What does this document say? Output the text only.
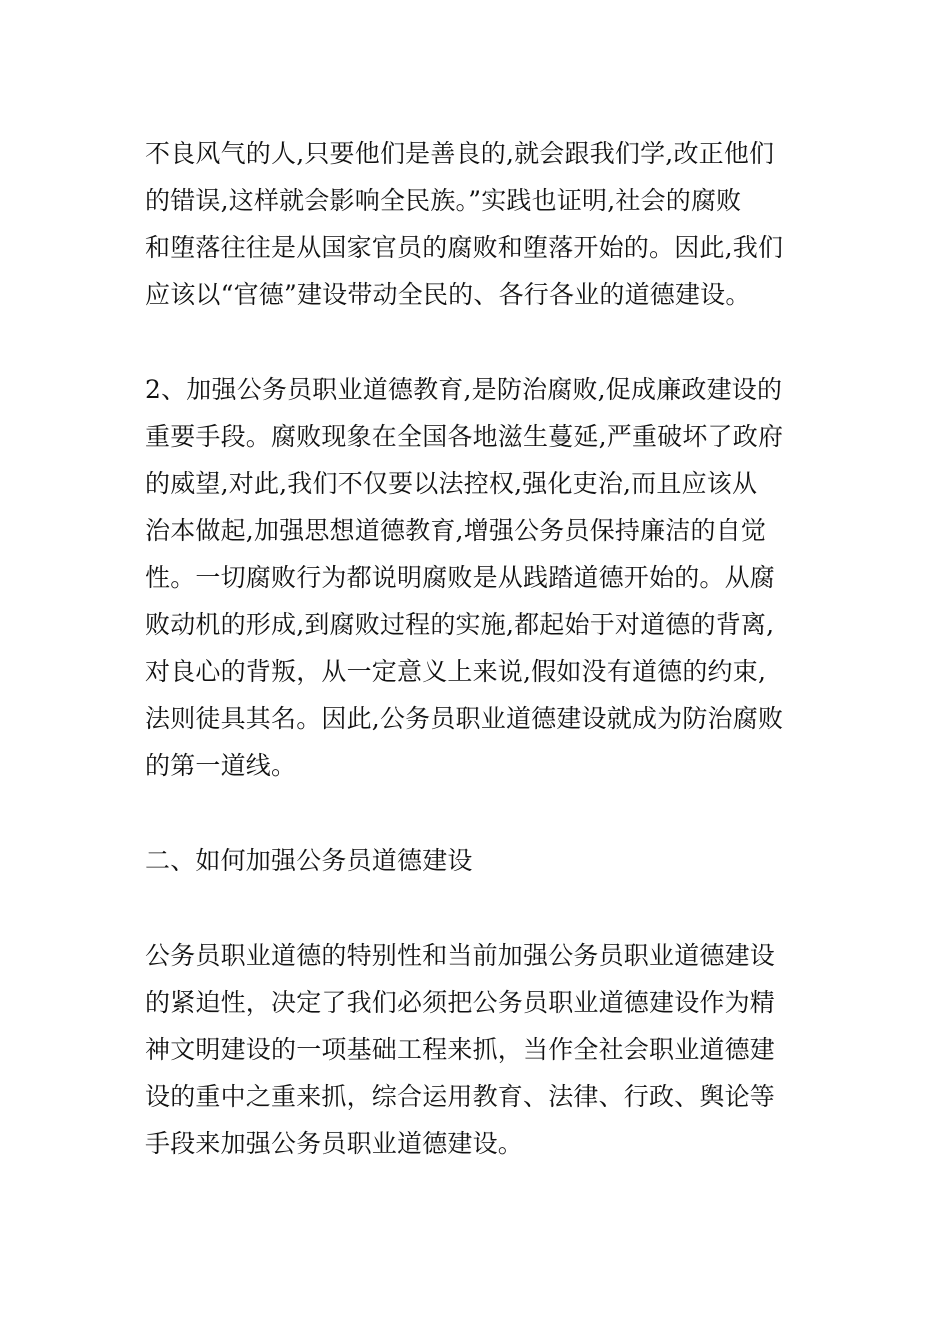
不良风气的人,只要他们是善良的,就会跟我们学,改正他们
的错误,这样就会影响全民族。”实践也证明,社会的腐败
和堕落往往是从国家官员的腐败和堕落开始的。因此,我们
应该以“官德”建设带动全民的、各行各业的道德建设。
2、加强公务员职业道德教育,是防治腐败,促成廉政建设的
重要手段。腐败现象在全国各地滋生蔓延,严重破坏了政府
的威望,对此,我们不仅要以法控权,强化吏治,而且应该从
治本做起,加强思想道德教育,增强公务员保持廉洁的自觉
性。一切腐败行为都说明腐败是从践踏道德开始的。从腐
败动机的形成,到腐败过程的实施,都起始于对道德的背离,
对良心的背叛，从一定意义上来说,假如没有道德的约束,
法则徒具其名。因此,公务员职业道德建设就成为防治腐败
的第一道线。
二、如何加强公务员道德建设
公务员职业道德的特别性和当前加强公务员职业道德建设
的紧迫性，决定了我们必须把公务员职业道德建设作为精
神文明建设的一项基础工程来抓，当作全社会职业道德建
设的重中之重来抓，综合运用教育、法律、行政、舆论等
手段来加强公务员职业道德建设。
